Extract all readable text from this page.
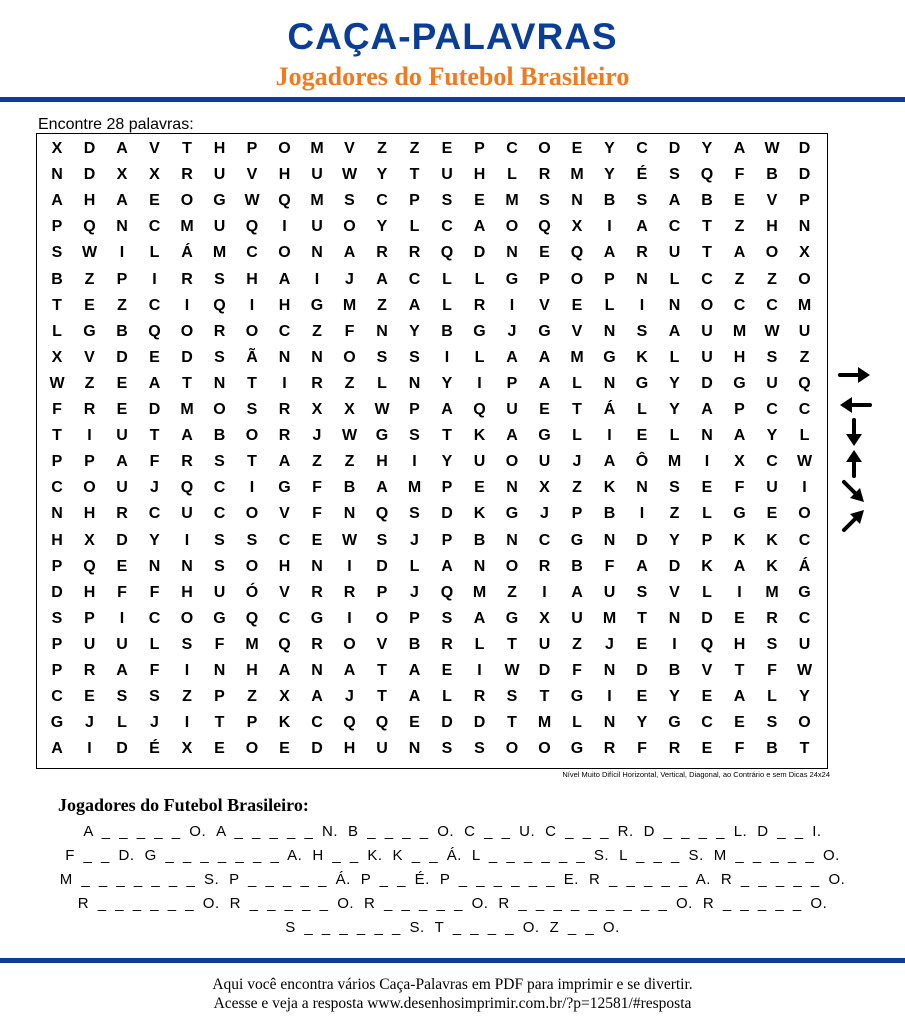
CAÇA-PALAVRAS
Jogadores do Futebol Brasileiro
Encontre 28 palavras:
X	D	A	V	T	H	P	O	M	V	Z	Z	E	P	C	O	E	Y	C	D	Y	A	W	D
N	D	X	X	R	U	V	H	U	W	Y	T	U	H	L	R	M	Y	É	S	Q	F	B	D
A	H	A	E	O	G	W	Q	M	S	C	P	S	E	M	S	N	B	S	A	B	E	V	P
P	Q	N	C	M	U	Q	I	U	O	Y	L	C	A	O	Q	X	I	A	C	T	Z	H	N
S	W	I	L	Á	M	C	O	N	A	R	R	Q	D	N	E	Q	A	R	U	T	A	O	X
B	Z	P	I	R	S	H	A	I	J	A	C	L	L	G	P	O	P	N	L	C	Z	Z	O
T	E	Z	C	I	Q	I	H	G	M	Z	A	L	R	I	V	E	L	I	N	O	C	C	M
L	G	B	Q	O	R	O	C	Z	F	N	Y	B	G	J	G	V	N	S	A	U	M	W	U
X	V	D	E	D	S	Ã	N	N	O	S	S	I	L	A	A	M	G	K	L	U	H	S	Z
W	Z	E	A	T	N	T	I	R	Z	L	N	Y	I	P	A	L	N	G	Y	D	G	U	Q
F	R	E	D	M	O	S	R	X	X	W	P	A	Q	U	E	T	Á	L	Y	A	P	C	C
T	I	U	T	A	B	O	R	J	W	G	S	T	K	A	G	L	I	E	L	N	A	Y	L
P	P	A	F	R	S	T	A	Z	Z	H	I	Y	U	O	U	J	A	Ô	M	I	X	C	W
C	O	U	J	Q	C	I	G	F	B	A	M	P	E	N	X	Z	K	N	S	E	F	U	I
N	H	R	C	U	C	O	V	F	N	Q	S	D	K	G	J	P	B	I	Z	L	G	E	O
H	X	D	Y	I	S	S	C	E	W	S	J	P	B	N	C	G	N	D	Y	P	K	K	C
P	Q	E	N	N	S	O	H	N	I	D	L	A	N	O	R	B	F	A	D	K	A	K	Á
D	H	F	F	H	U	Ó	V	R	R	P	J	Q	M	Z	I	A	U	S	V	L	I	M	G
S	P	I	C	O	G	Q	C	G	I	O	P	S	A	G	X	U	M	T	N	D	E	R	C
P	U	U	L	S	F	M	Q	R	O	V	B	R	L	T	U	Z	J	E	I	Q	H	S	U
P	R	A	F	I	N	H	A	N	A	T	A	E	I	W	D	F	N	D	B	V	T	F	W
C	E	S	S	Z	P	Z	X	A	J	T	A	L	R	S	T	G	I	E	Y	E	A	L	Y
G	J	L	J	I	T	P	K	C	Q	Q	E	D	D	T	M	L	N	Y	G	C	E	S	O
A	I	D	É	X	E	O	E	D	H	U	N	S	S	O	O	G	R	F	R	E	F	B	T
Nível Muito Difícil Horizontal, Vertical, Diagonal, ao Contrário e sem Dicas 24x24
Jogadores do Futebol Brasileiro:
A _ _ _ _ _ O. A _ _ _ _ _ N. B _ _ _ _ O. C _ _ U. C _ _ _ R. D _ _ _ _ L. D _ _ I.
F _ _ D. G _ _ _ _ _ _ _ A. H _ _ K. K _ _ Á. L _ _ _ _ _ _ S. L _ _ _ S. M _ _ _ _ _ O.
M _ _ _ _ _ _ _ S. P _ _ _ _ _ Á. P _ _ É. P _ _ _ _ _ _ E. R _ _ _ _ _ A. R _ _ _ _ _ O.
R _ _ _ _ _ _ O. R _ _ _ _ _ O. R _ _ _ _ _ O. R _ _ _ _ _ _ _ _ _ O. R _ _ _ _ _ O.
S _ _ _ _ _ _ S. T _ _ _ _ O. Z _ _ O.
Aqui você encontra vários Caça-Palavras em PDF para imprimir e se divertir.
Acesse e veja a resposta www.desenhosimprimir.com.br/?p=12581/#resposta
